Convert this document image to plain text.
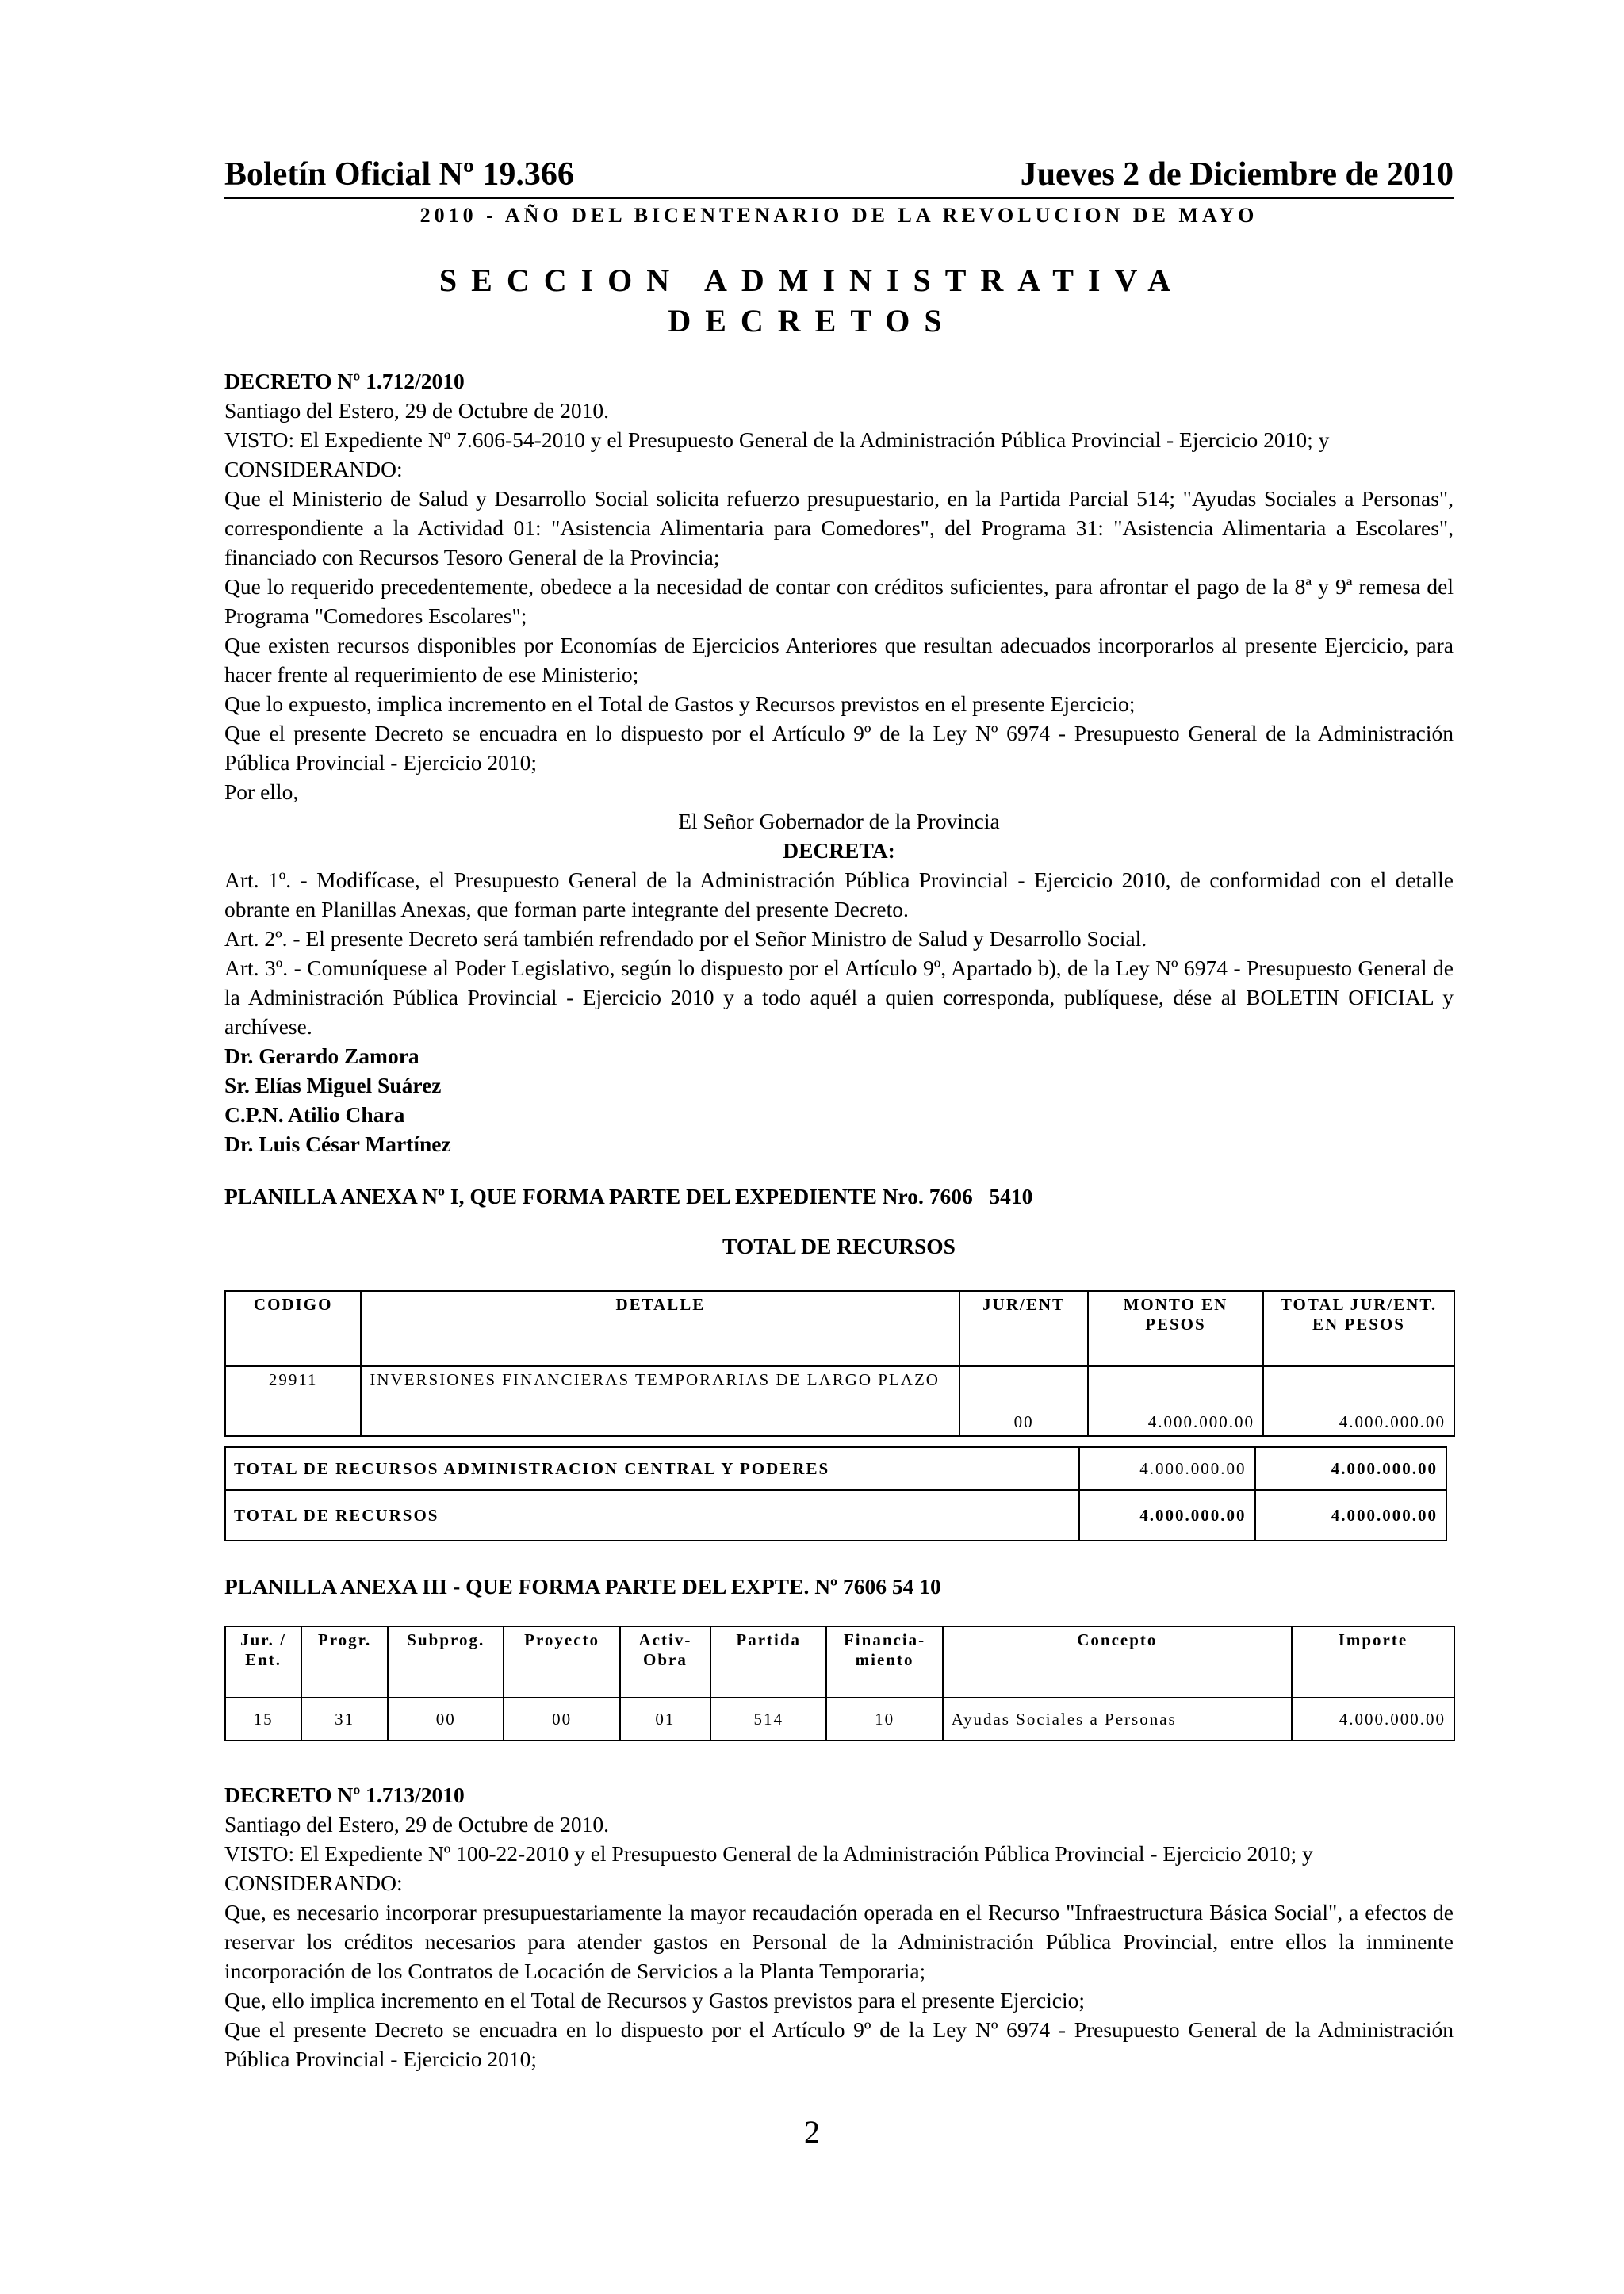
Boletín Oficial Nº 19.366	Jueves 2 de Diciembre de 2010
2010 - AÑO DEL BICENTENARIO DE LA REVOLUCION DE MAYO
SECCION ADMINISTRATIVA
DECRETOS

DECRETO Nº 1.712/2010

Santiago del Estero, 29 de Octubre de 2010.

VISTO: El Expediente Nº 7.606-54-2010 y el Presupuesto General de la Administración Pública Provincial - Ejercicio 2010; y

CONSIDERANDO:

Que el Ministerio de Salud y Desarrollo Social solicita refuerzo presupuestario, en la Partida Parcial 514; "Ayudas Sociales a Personas", correspondiente a la Actividad 01: "Asistencia Alimentaria para Comedores", del Programa 31: "Asistencia Alimentaria a Escolares", financiado con Recursos Tesoro General de la Provincia;

Que lo requerido precedentemente, obedece a la necesidad de contar con créditos suficientes, para afrontar el pago de la 8ª y 9ª remesa del Programa "Comedores Escolares";

Que existen recursos disponibles por Economías de Ejercicios Anteriores que resultan adecuados incorporarlos al presente Ejercicio, para hacer frente al requerimiento de ese Ministerio;

Que lo expuesto, implica incremento en el Total de Gastos y Recursos previstos en el presente Ejercicio;

Que el presente Decreto se encuadra en lo dispuesto por el Artículo 9º de la Ley Nº 6974 - Presupuesto General de la Administración Pública Provincial - Ejercicio 2010;

Por ello,

El Señor Gobernador de la Provincia

DECRETA:

Art. 1º. - Modifícase, el Presupuesto General de la Administración Pública Provincial - Ejercicio 2010, de conformidad con el detalle obrante en Planillas Anexas, que forman parte integrante del presente Decreto.

Art. 2º. - El presente Decreto será también refrendado por el Señor Ministro de Salud y Desarrollo Social.

Art. 3º. - Comuníquese al Poder Legislativo, según lo dispuesto por el Artículo 9º, Apartado b), de la Ley Nº 6974 - Presupuesto General de la Administración Pública Provincial - Ejercicio 2010 y a todo aquél a quien corresponda, publíquese, dése al BOLETIN OFICIAL y archívese.

Dr. Gerardo Zamora

Sr. Elías Miguel Suárez

C.P.N. Atilio Chara

Dr. Luis César Martínez

PLANILLA ANEXA Nº I, QUE FORMA PARTE DEL EXPEDIENTE Nro. 7606   5410

TOTAL DE RECURSOS

CODIGO	DETALLE	JUR/ENT	MONTO EN PESOS	TOTAL JUR/ENT. EN PESOS
29911	INVERSIONES FINANCIERAS TEMPORARIAS DE LARGO PLAZO	00	4.000.000.00	4.000.000.00
TOTAL DE RECURSOS ADMINISTRACION CENTRAL Y PODERES	4.000.000.00	4.000.000.00
TOTAL DE RECURSOS	4.000.000.00	4.000.000.00

PLANILLA ANEXA III - QUE FORMA PARTE DEL EXPTE. Nº 7606 54 10

Jur. / Ent.	Progr.	Subprog.	Proyecto	Activ- Obra	Partida	Financia- miento	Concepto	Importe
15	31	00	00	01	514	10	Ayudas Sociales a Personas	4.000.000.00

DECRETO Nº 1.713/2010

Santiago del Estero, 29 de Octubre de 2010.

VISTO: El Expediente Nº 100-22-2010 y el Presupuesto General de la Administración Pública Provincial - Ejercicio 2010; y

CONSIDERANDO:

Que, es necesario incorporar presupuestariamente la mayor recaudación operada en el Recurso "Infraestructura Básica Social", a efectos de reservar los créditos necesarios para atender gastos en Personal de la Administración Pública Provincial, entre ellos la inminente incorporación de los Contratos de Locación de Servicios a la Planta Temporaria;

Que, ello implica incremento en el Total de Recursos y Gastos previstos para el presente Ejercicio;

Que el presente Decreto se encuadra en lo dispuesto por el Artículo 9º de la Ley Nº 6974 - Presupuesto General de la Administración Pública Provincial - Ejercicio 2010;

2
